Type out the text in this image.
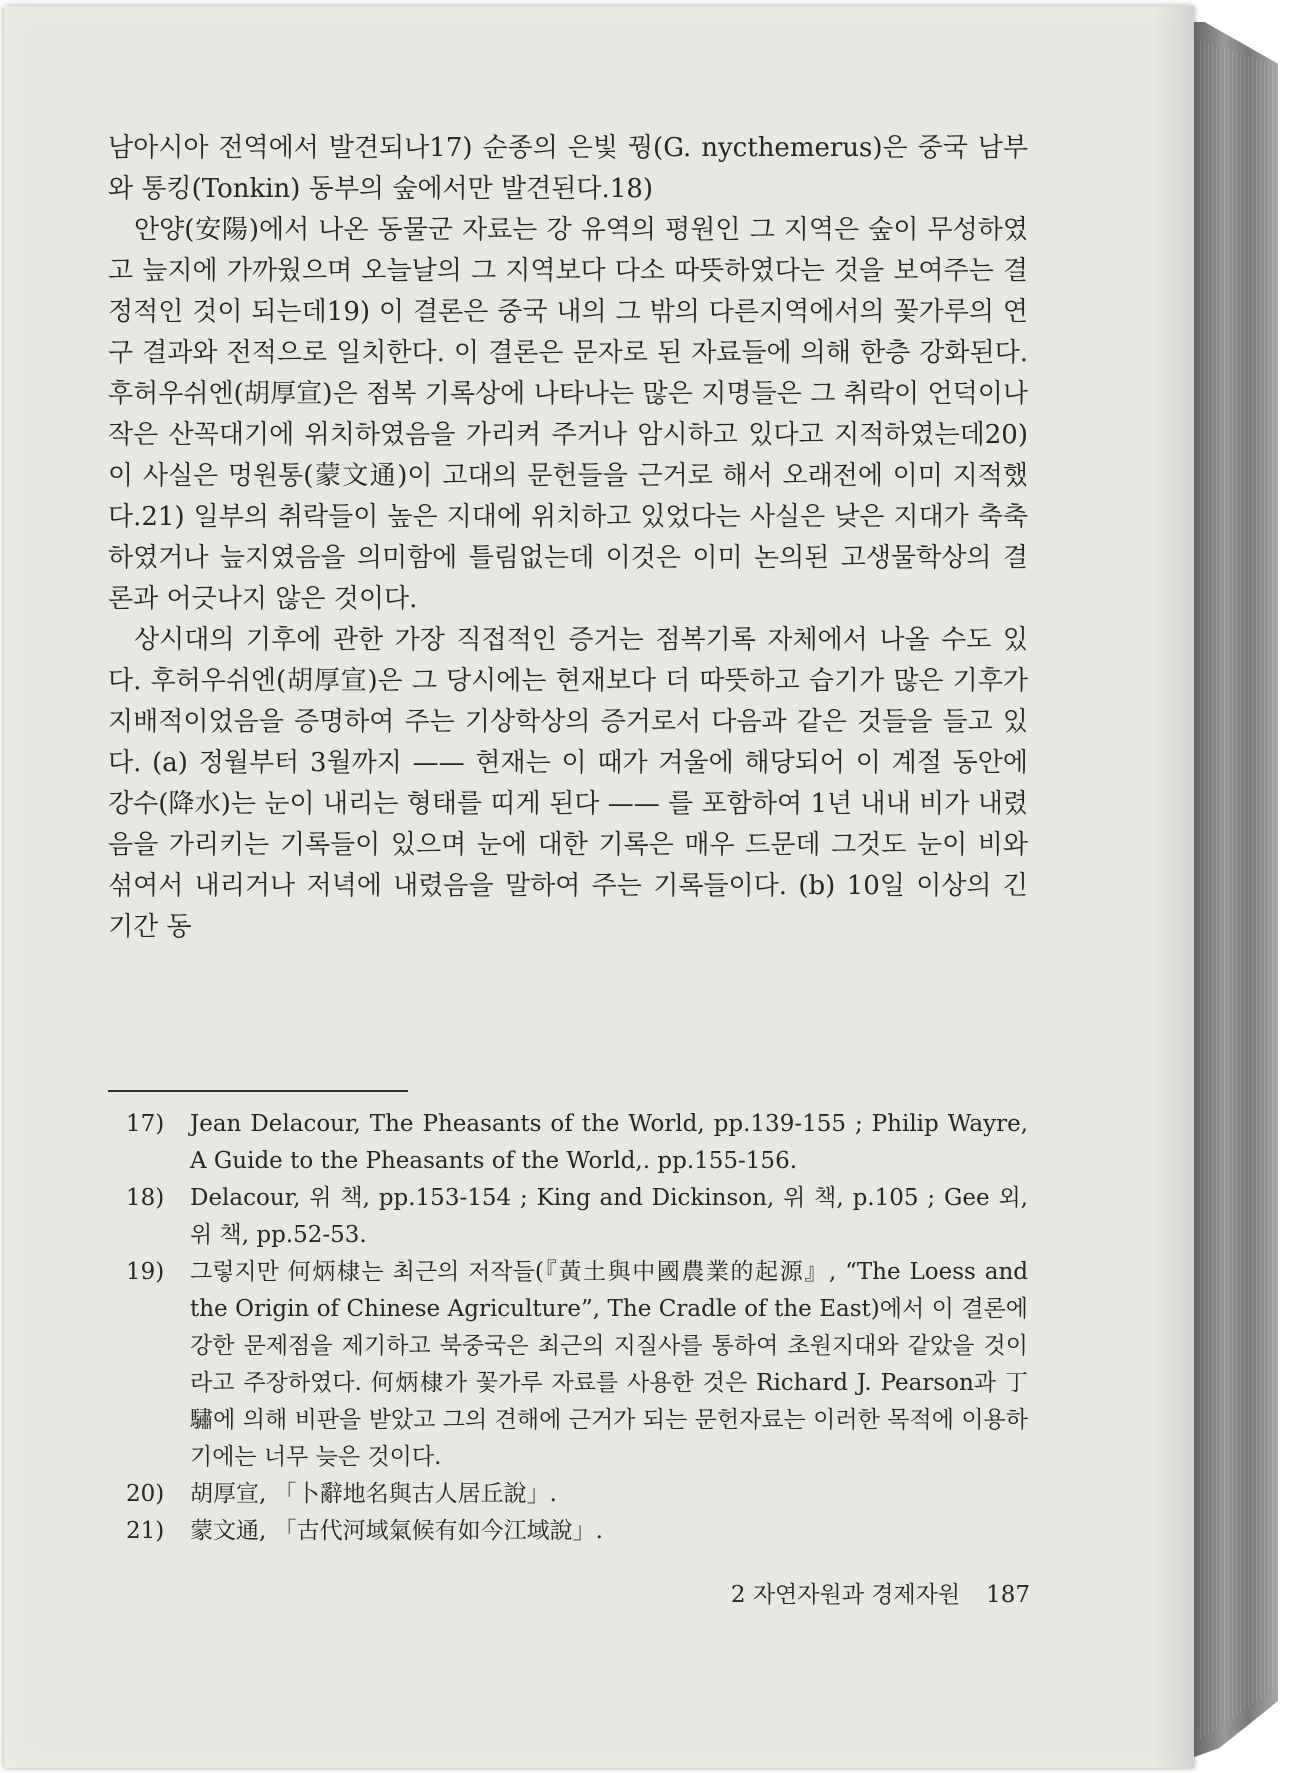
남아시아 전역에서 발견되나17) 순종의 은빛 꿩(G. nycthemerus)은 중국 남부와 통킹(Tonkin) 동부의 숲에서만 발견된다.18)

안양(安陽)에서 나온 동물군 자료는 강 유역의 평원인 그 지역은 숲이 무성하였고 늪지에 가까웠으며 오늘날의 그 지역보다 다소 따뜻하였다는 것을 보여주는 결정적인 것이 되는데19) 이 결론은 중국 내의 그 밖의 다른지역에서의 꽃가루의 연구 결과와 전적으로 일치한다. 이 결론은 문자로 된 자료들에 의해 한층 강화된다. 후허우쉬엔(胡厚宣)은 점복 기록상에 나타나는 많은 지명들은 그 취락이 언덕이나 작은 산꼭대기에 위치하였음을 가리켜 주거나 암시하고 있다고 지적하였는데20) 이 사실은 멍원통(蒙文通)이 고대의 문헌들을 근거로 해서 오래전에 이미 지적했다.21) 일부의 취락들이 높은 지대에 위치하고 있었다는 사실은 낮은 지대가 축축하였거나 늪지였음을 의미함에 틀림없는데 이것은 이미 논의된 고생물학상의 결론과 어긋나지 않은 것이다.

상시대의 기후에 관한 가장 직접적인 증거는 점복기록 자체에서 나올 수도 있다. 후허우쉬엔(胡厚宣)은 그 당시에는 현재보다 더 따뜻하고 습기가 많은 기후가 지배적이었음을 증명하여 주는 기상학상의 증거로서 다음과 같은 것들을 들고 있다. (a) 정월부터 3월까지 —— 현재는 이 때가 겨울에 해당되어 이 계절 동안에 강수(降水)는 눈이 내리는 형태를 띠게 된다 —— 를 포함하여 1년 내내 비가 내렸음을 가리키는 기록들이 있으며 눈에 대한 기록은 매우 드문데 그것도 눈이 비와 섞여서 내리거나 저녁에 내렸음을 말하여 주는 기록들이다. (b) 10일 이상의 긴 기간 동

17)	Jean Delacour, The Pheasants of the World, pp.139-155 ; Philip Wayre, A Guide to the Pheasants of the World,. pp.155-156.
18)	Delacour, 위 책, pp.153-154 ; King and Dickinson, 위 책, p.105 ; Gee 외, 위 책, pp.52-53.
19)	그렇지만 何炳棣는 최근의 저작들(『黃土與中國農業的起源』, “The Loess and the Origin of Chinese Agriculture”, The Cradle of the East)에서 이 결론에 강한 문제점을 제기하고 북중국은 최근의 지질사를 통하여 초원지대와 같았을 것이라고 주장하였다. 何炳棣가 꽃가루 자료를 사용한 것은 Richard J. Pearson과 丁驌에 의해 비판을 받았고 그의 견해에 근거가 되는 문헌자료는 이러한 목적에 이용하기에는 너무 늦은 것이다.
20)	胡厚宣, 「卜辭地名與古人居丘說」.
21)	蒙文通, 「古代河域氣候有如今江域說」.
2 자연자원과 경제자원 187
